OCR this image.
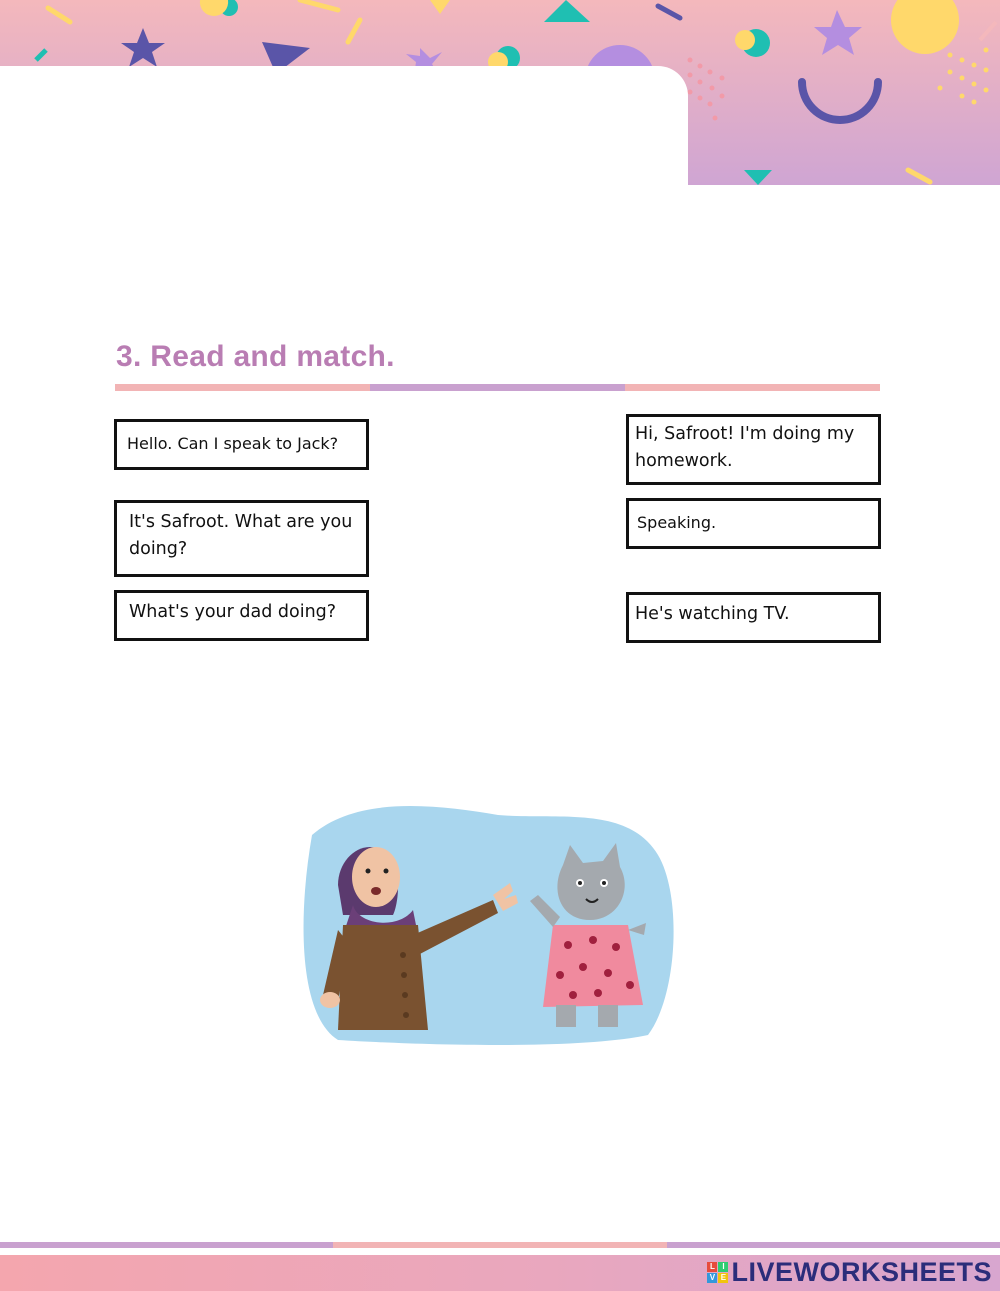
3. Read and match.
Hello. Can I speak to Jack?
It's Safroot. What are you doing?
What's your dad doing?
Hi, Safroot! I'm doing my homework.
Speaking.
He's watching TV.
L I
V E LIVEWORKSHEETS
